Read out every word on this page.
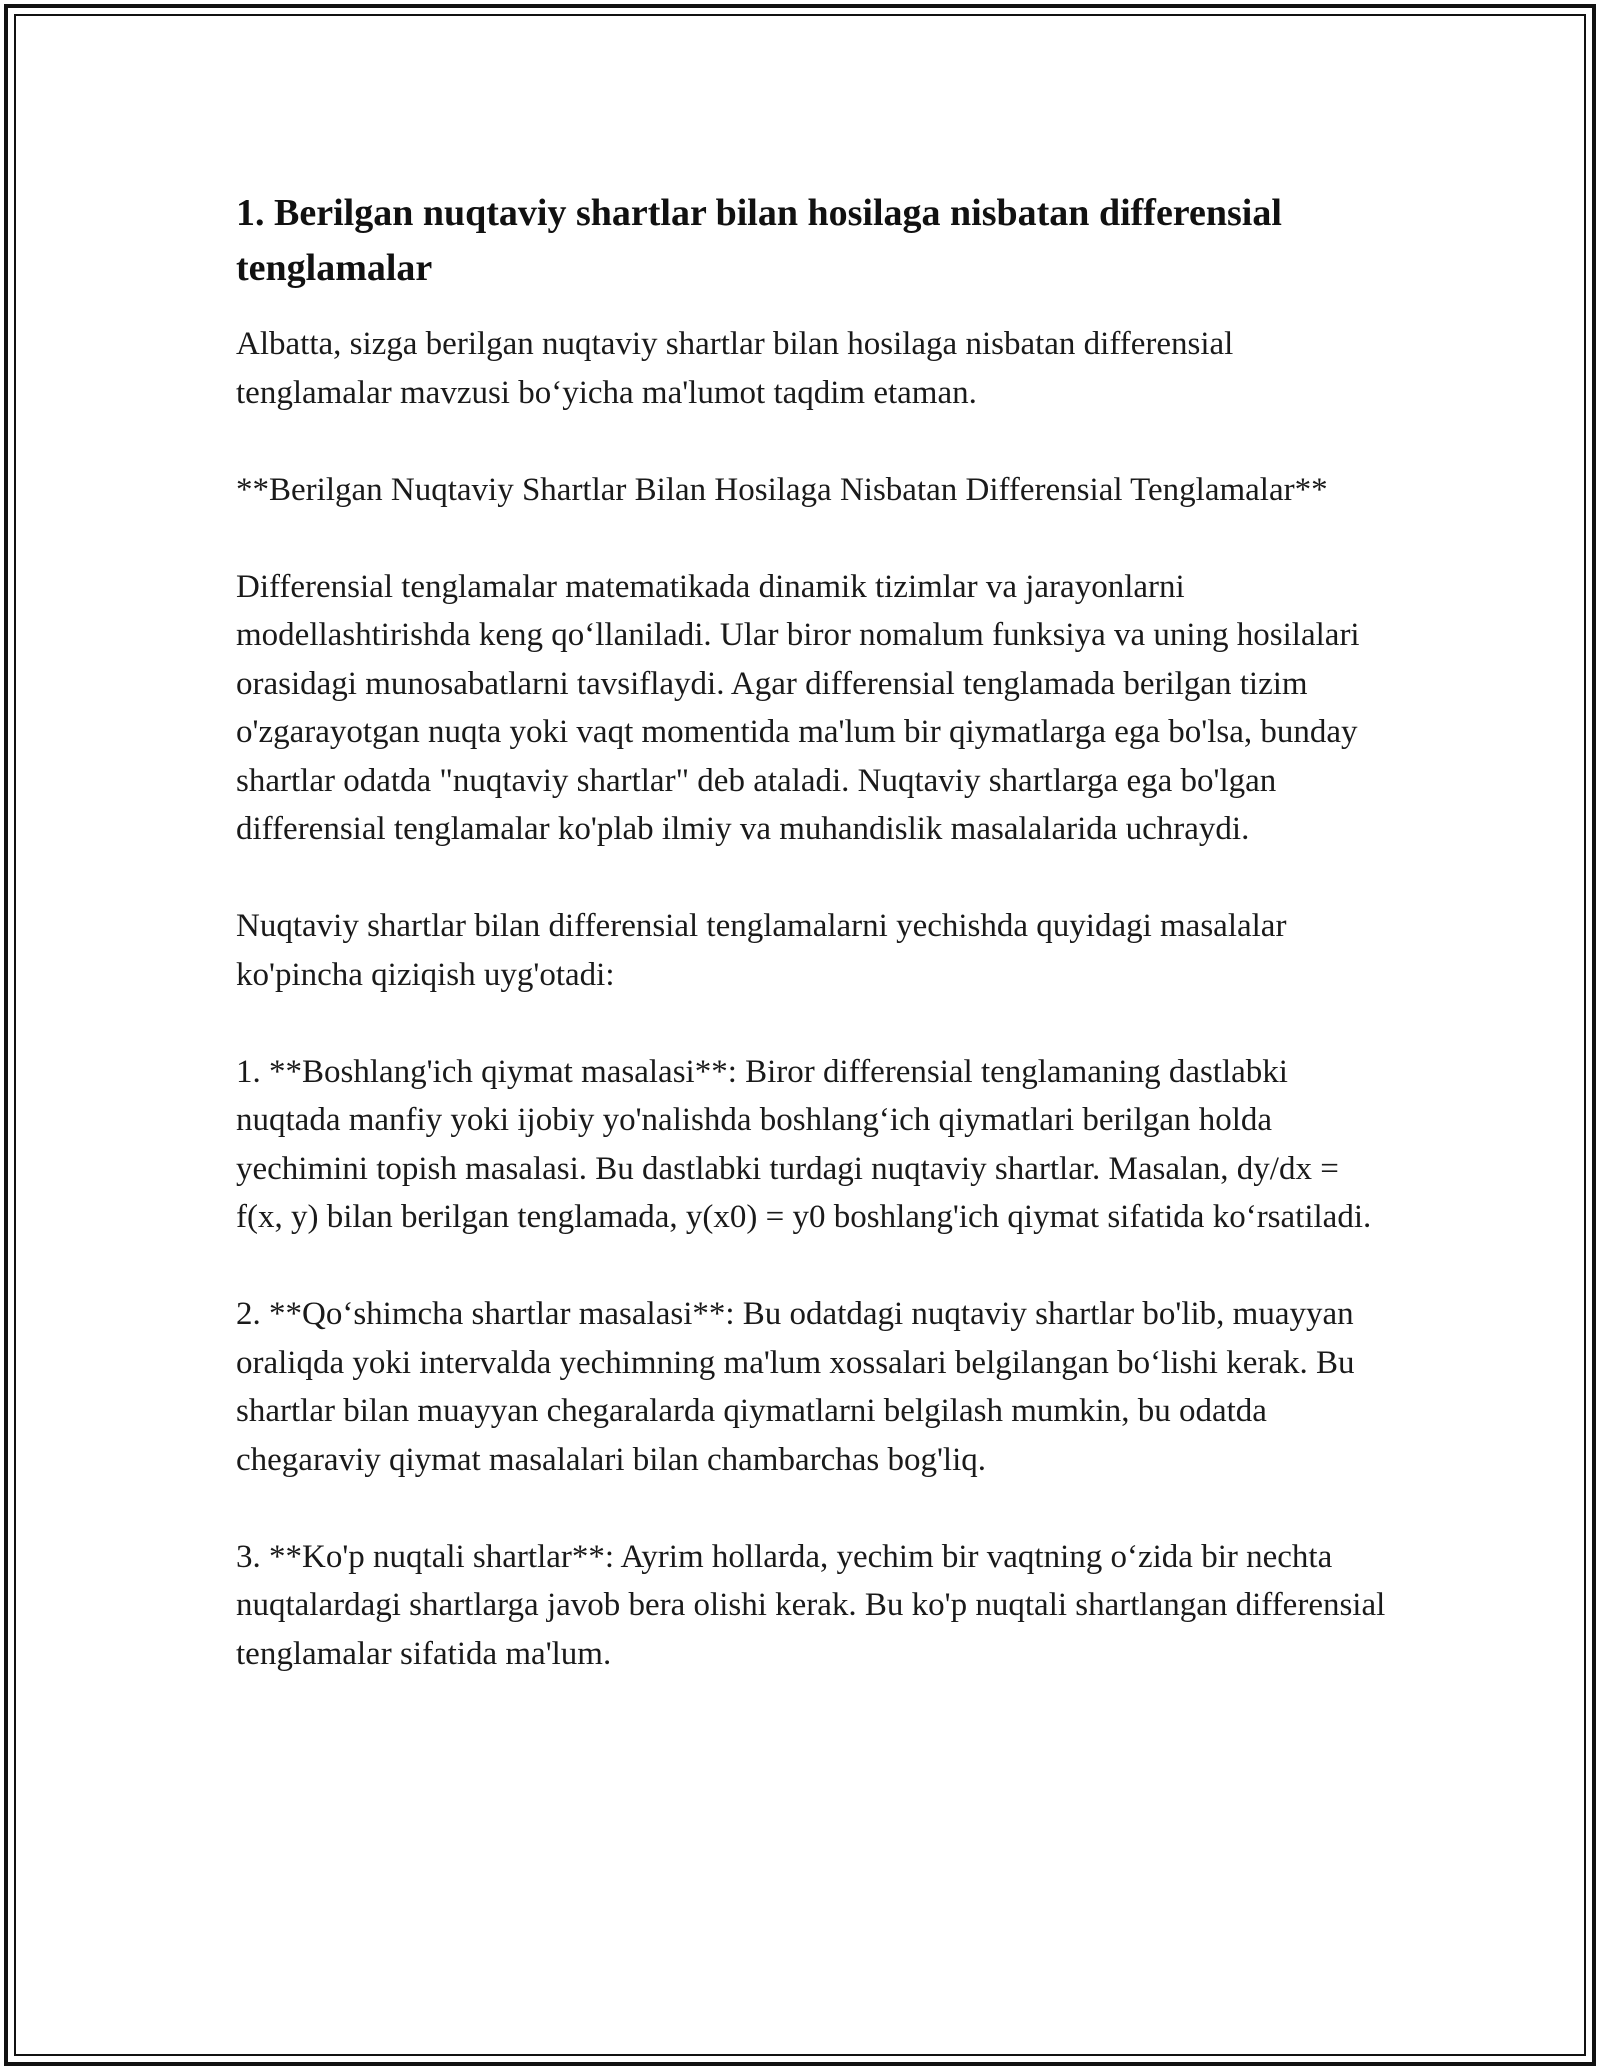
1. Berilgan nuqtaviy shartlar bilan hosilaga nisbatan differensial tenglamalar

Albatta, sizga berilgan nuqtaviy shartlar bilan hosilaga nisbatan differensial tenglamalar mavzusi bo‘yicha ma'lumot taqdim etaman.

**Berilgan Nuqtaviy Shartlar Bilan Hosilaga Nisbatan Differensial Tenglamalar**

Differensial tenglamalar matematikada dinamik tizimlar va jarayonlarni modellashtirishda keng qo‘llaniladi. Ular biror nomalum funksiya va uning hosilalari orasidagi munosabatlarni tavsiflaydi. Agar differensial tenglamada berilgan tizim o'zgarayotgan nuqta yoki vaqt momentida ma'lum bir qiymatlarga ega bo'lsa, bunday shartlar odatda "nuqtaviy shartlar" deb ataladi. Nuqtaviy shartlarga ega bo'lgan differensial tenglamalar ko'plab ilmiy va muhandislik masalalarida uchraydi.

Nuqtaviy shartlar bilan differensial tenglamalarni yechishda quyidagi masalalar ko'pincha qiziqish uyg'otadi:

1. **Boshlang'ich qiymat masalasi**: Biror differensial tenglamaning dastlabki nuqtada manfiy yoki ijobiy yo'nalishda boshlang‘ich qiymatlari berilgan holda yechimini topish masalasi. Bu dastlabki turdagi nuqtaviy shartlar. Masalan, dy/dx = f(x, y) bilan berilgan tenglamada, y(x0) = y0 boshlang'ich qiymat sifatida ko‘rsatiladi.

2. **Qo‘shimcha shartlar masalasi**: Bu odatdagi nuqtaviy shartlar bo'lib, muayyan oraliqda yoki intervalda yechimning ma'lum xossalari belgilangan bo‘lishi kerak. Bu shartlar bilan muayyan chegaralarda qiymatlarni belgilash mumkin, bu odatda chegaraviy qiymat masalalari bilan chambarchas bog'liq.

3. **Ko'p nuqtali shartlar**: Ayrim hollarda, yechim bir vaqtning o‘zida bir nechta nuqtalardagi shartlarga javob bera olishi kerak. Bu ko'p nuqtali shartlangan differensial tenglamalar sifatida ma'lum.
